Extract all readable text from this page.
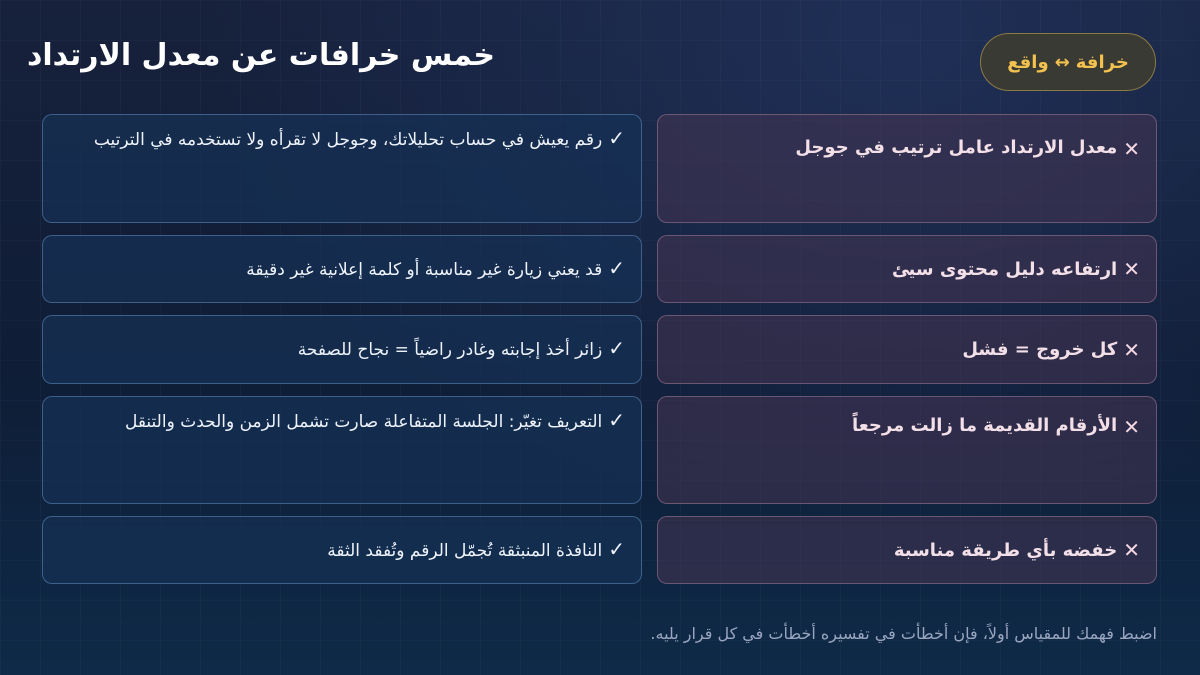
خمس خرافات عن معدل الارتداد	خرافة
↔
واقع
✕
معدل الارتداد عامل ترتيب في جوجل
✓رقم يعيش في حساب تحليلاتك، وجوجل لا تقرأه ولا تستخدمه في الترتيب
✕
ارتفاعه دليل محتوى سيئ
✓قد يعني زيارة غير مناسبة أو كلمة إعلانية غير دقيقة
✕
كل خروج = فشل
✓زائر أخذ إجابته وغادر راضياً = نجاح للصفحة
✕
الأرقام القديمة ما زالت مرجعاً
✓التعريف تغيّر: الجلسة المتفاعلة صارت تشمل الزمن والحدث والتنقل
✕
خفضه بأي طريقة مناسبة
✓النافذة المنبثقة تُجمّل الرقم وتُفقد الثقة
اضبط فهمك للمقياس أولاً، فإن أخطأت في تفسيره أخطأت في كل قرار يليه.
